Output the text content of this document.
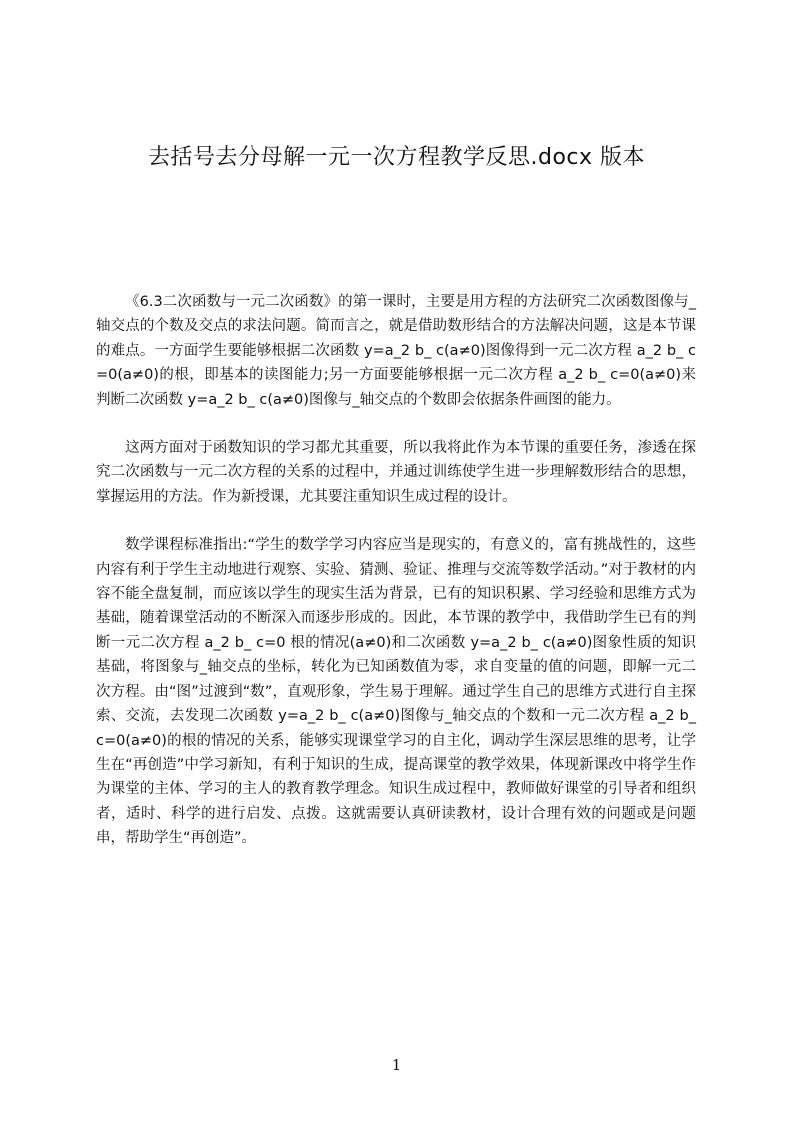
去括号去分母解一元一次方程教学反思.docx 版本

《6.3二次函数与一元二次函数》的第一课时，主要是用方程的方法研究二次函数图像与_轴交点的个数及交点的求法问题。简而言之，就是借助数形结合的方法解决问题，这是本节课的难点。一方面学生要能够根据二次函数 y=a_2 b_ c(a≠0)图像得到一元二次方程 a_2 b_ c=0(a≠0)的根，即基本的读图能力;另一方面要能够根据一元二次方程 a_2 b_ c=0(a≠0)来判断二次函数 y=a_2 b_ c(a≠0)图像与_轴交点的个数即会依据条件画图的能力。

这两方面对于函数知识的学习都尤其重要，所以我将此作为本节课的重要任务，渗透在探究二次函数与一元二次方程的关系的过程中，并通过训练使学生进一步理解数形结合的思想，掌握运用的方法。作为新授课，尤其要注重知识生成过程的设计。

数学课程标准指出:“学生的数学学习内容应当是现实的，有意义的，富有挑战性的，这些内容有利于学生主动地进行观察、实验、猜测、验证、推理与交流等数学活动。”对于教材的内容不能全盘复制，而应该以学生的现实生活为背景，已有的知识积累、学习经验和思维方式为基础，随着课堂活动的不断深入而逐步形成的。因此，本节课的教学中，我借助学生已有的判断一元二次方程 a_2 b_ c=0 根的情况(a≠0)和二次函数 y=a_2 b_ c(a≠0)图象性质的知识基础，将图象与_轴交点的坐标，转化为已知函数值为零，求自变量的值的问题，即解一元二次方程。由“图”过渡到“数”，直观形象，学生易于理解。通过学生自己的思维方式进行自主探索、交流，去发现二次函数 y=a_2 b_ c(a≠0)图像与_轴交点的个数和一元二次方程 a_2 b_ c=0(a≠0)的根的情况的关系，能够实现课堂学习的自主化，调动学生深层思维的思考，让学生在“再创造”中学习新知，有利于知识的生成，提高课堂的教学效果，体现新课改中将学生作为课堂的主体、学习的主人的教育教学理念。知识生成过程中，教师做好课堂的引导者和组织者，适时、科学的进行启发、点拨。这就需要认真研读教材，设计合理有效的问题或是问题串，帮助学生“再创造”。

1
